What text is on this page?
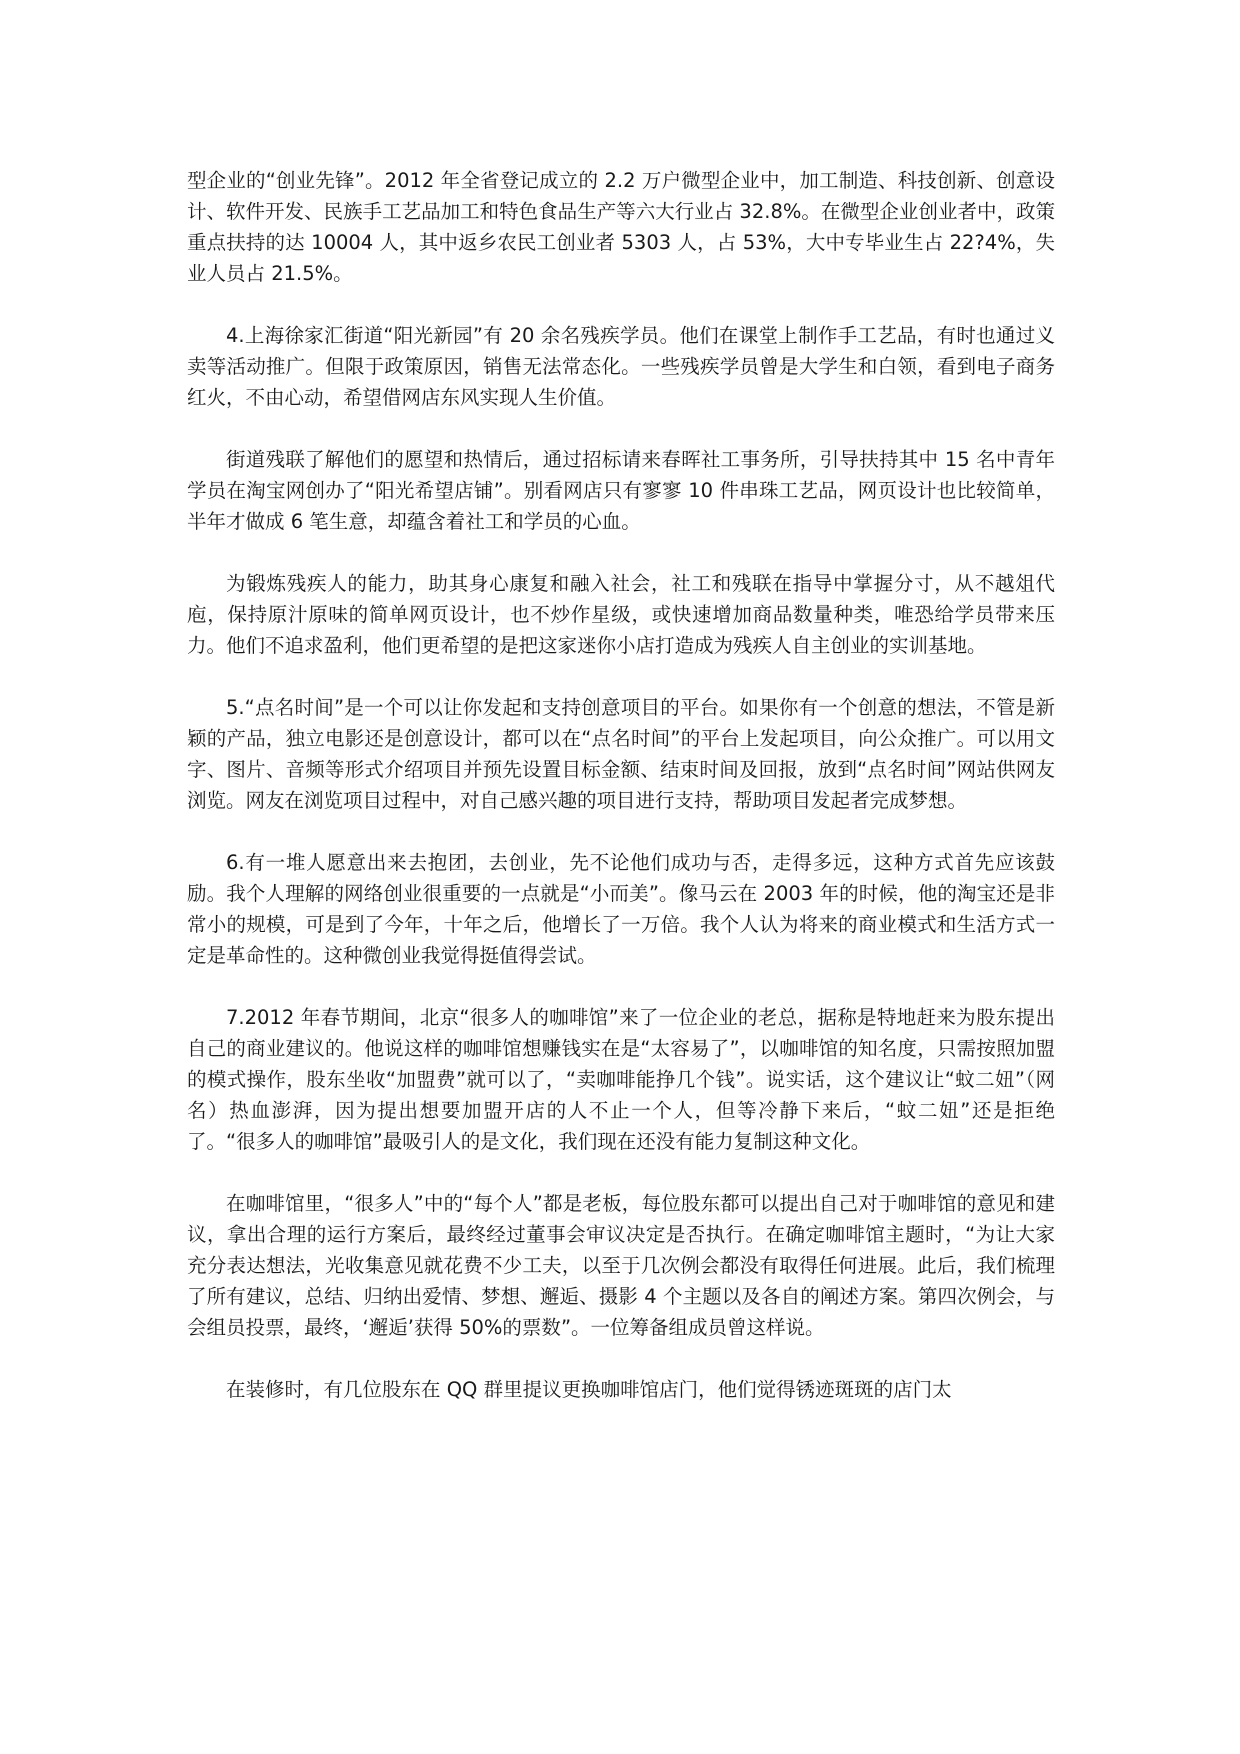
型企业的“创业先锋”。2012 年全省登记成立的 2.2 万户微型企业中，加工制造、科技创新、创意设计、软件开发、民族手工艺品加工和特色食品生产等六大行业占 32.8%。在微型企业创业者中，政策重点扶持的达 10004 人，其中返乡农民工创业者 5303 人，占 53%，大中专毕业生占 22?4%，失业人员占 21.5%。

4.上海徐家汇街道“阳光新园”有 20 余名残疾学员。他们在课堂上制作手工艺品，有时也通过义卖等活动推广。但限于政策原因，销售无法常态化。一些残疾学员曾是大学生和白领，看到电子商务红火，不由心动，希望借网店东风实现人生价值。

街道残联了解他们的愿望和热情后，通过招标请来春晖社工事务所，引导扶持其中 15 名中青年学员在淘宝网创办了“阳光希望店铺”。别看网店只有寥寥 10 件串珠工艺品，网页设计也比较简单，半年才做成 6 笔生意，却蕴含着社工和学员的心血。

为锻炼残疾人的能力，助其身心康复和融入社会，社工和残联在指导中掌握分寸，从不越俎代庖，保持原汁原味的简单网页设计，也不炒作星级，或快速增加商品数量种类，唯恐给学员带来压力。他们不追求盈利，他们更希望的是把这家迷你小店打造成为残疾人自主创业的实训基地。

5.“点名时间”是一个可以让你发起和支持创意项目的平台。如果你有一个创意的想法，不管是新颖的产品，独立电影还是创意设计，都可以在“点名时间”的平台上发起项目，向公众推广。可以用文字、图片、音频等形式介绍项目并预先设置目标金额、结束时间及回报，放到“点名时间”网站供网友浏览。网友在浏览项目过程中，对自己感兴趣的项目进行支持，帮助项目发起者完成梦想。

6.有一堆人愿意出来去抱团，去创业，先不论他们成功与否，走得多远，这种方式首先应该鼓励。我个人理解的网络创业很重要的一点就是“小而美”。像马云在 2003 年的时候，他的淘宝还是非常小的规模，可是到了今年，十年之后，他增长了一万倍。我个人认为将来的商业模式和生活方式一定是革命性的。这种微创业我觉得挺值得尝试。

7.2012 年春节期间，北京“很多人的咖啡馆”来了一位企业的老总，据称是特地赶来为股东提出自己的商业建议的。他说这样的咖啡馆想赚钱实在是“太容易了”，以咖啡馆的知名度，只需按照加盟的模式操作，股东坐收“加盟费”就可以了，“卖咖啡能挣几个钱”。说实话，这个建议让“蚊二妞”（网名）热血澎湃，因为提出想要加盟开店的人不止一个人，但等冷静下来后，“蚊二妞”还是拒绝了。“很多人的咖啡馆”最吸引人的是文化，我们现在还没有能力复制这种文化。

在咖啡馆里，“很多人”中的“每个人”都是老板，每位股东都可以提出自己对于咖啡馆的意见和建议，拿出合理的运行方案后，最终经过董事会审议决定是否执行。在确定咖啡馆主题时，“为让大家充分表达想法，光收集意见就花费不少工夫，以至于几次例会都没有取得任何进展。此后，我们梳理了所有建议，总结、归纳出爱情、梦想、邂逅、摄影 4 个主题以及各自的阐述方案。第四次例会，与会组员投票，最终，‘邂逅’获得 50%的票数”。一位筹备组成员曾这样说。

在装修时，有几位股东在 QQ 群里提议更换咖啡馆店门，他们觉得锈迹斑斑的店门太
